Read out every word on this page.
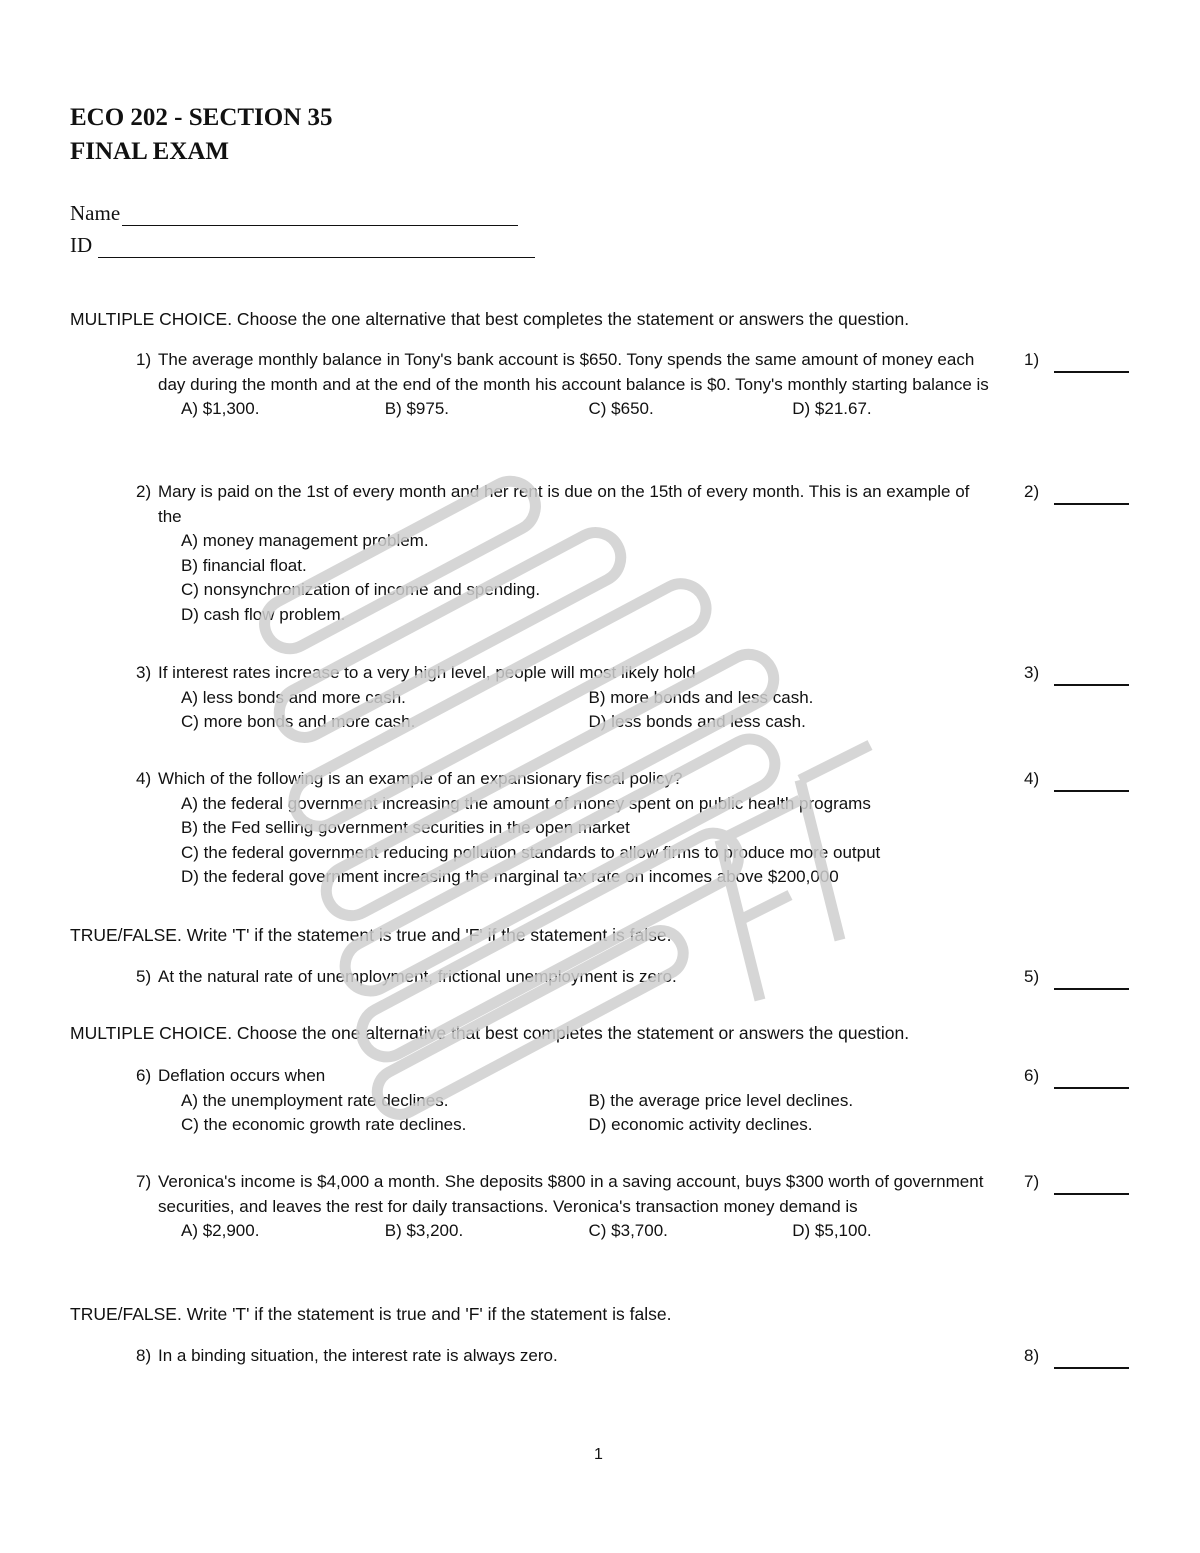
ECO 202 - SECTION 35
FINAL EXAM
Name
ID
MULTIPLE CHOICE. Choose the one alternative that best completes the statement or answers the question.
1) The average monthly balance in Tony's bank account is $650. Tony spends the same amount of money each day during the month and at the end of the month his account balance is $0. Tony's monthly starting balance is
A) $1,300.	B) $975.	C) $650.	D) $21.67.
1)
2) Mary is paid on the 1st of every month and her rent is due on the 15th of every month. This is an example of the
A) money management problem.
B) financial float.
C) nonsynchronization of income and spending.
D) cash flow problem.
2)
3) If interest rates increase to a very high level, people will most likely hold
A) less bonds and more cash.	B) more bonds and less cash.
C) more bonds and more cash.	D) less bonds and less cash.
3)
4) Which of the following is an example of an expansionary fiscal policy?
A) the federal government increasing the amount of money spent on public health programs
B) the Fed selling government securities in the open market
C) the federal government reducing pollution standards to allow firms to produce more output
D) the federal government increasing the marginal tax rate on incomes above $200,000
4)
TRUE/FALSE. Write 'T' if the statement is true and 'F' if the statement is false.
5) At the natural rate of unemployment, frictional unemployment is zero.	5)
MULTIPLE CHOICE. Choose the one alternative that best completes the statement or answers the question.
6) Deflation occurs when
A) the unemployment rate declines.	B) the average price level declines.
C) the economic growth rate declines.	D) economic activity declines.
6)
7) Veronica's income is $4,000 a month. She deposits $800 in a saving account, buys $300 worth of government securities, and leaves the rest for daily transactions. Veronica's transaction money demand is
A) $2,900.	B) $3,200.	C) $3,700.	D) $5,100.
7)
TRUE/FALSE. Write 'T' if the statement is true and 'F' if the statement is false.
8) In a binding situation, the interest rate is always zero.	8)
1
